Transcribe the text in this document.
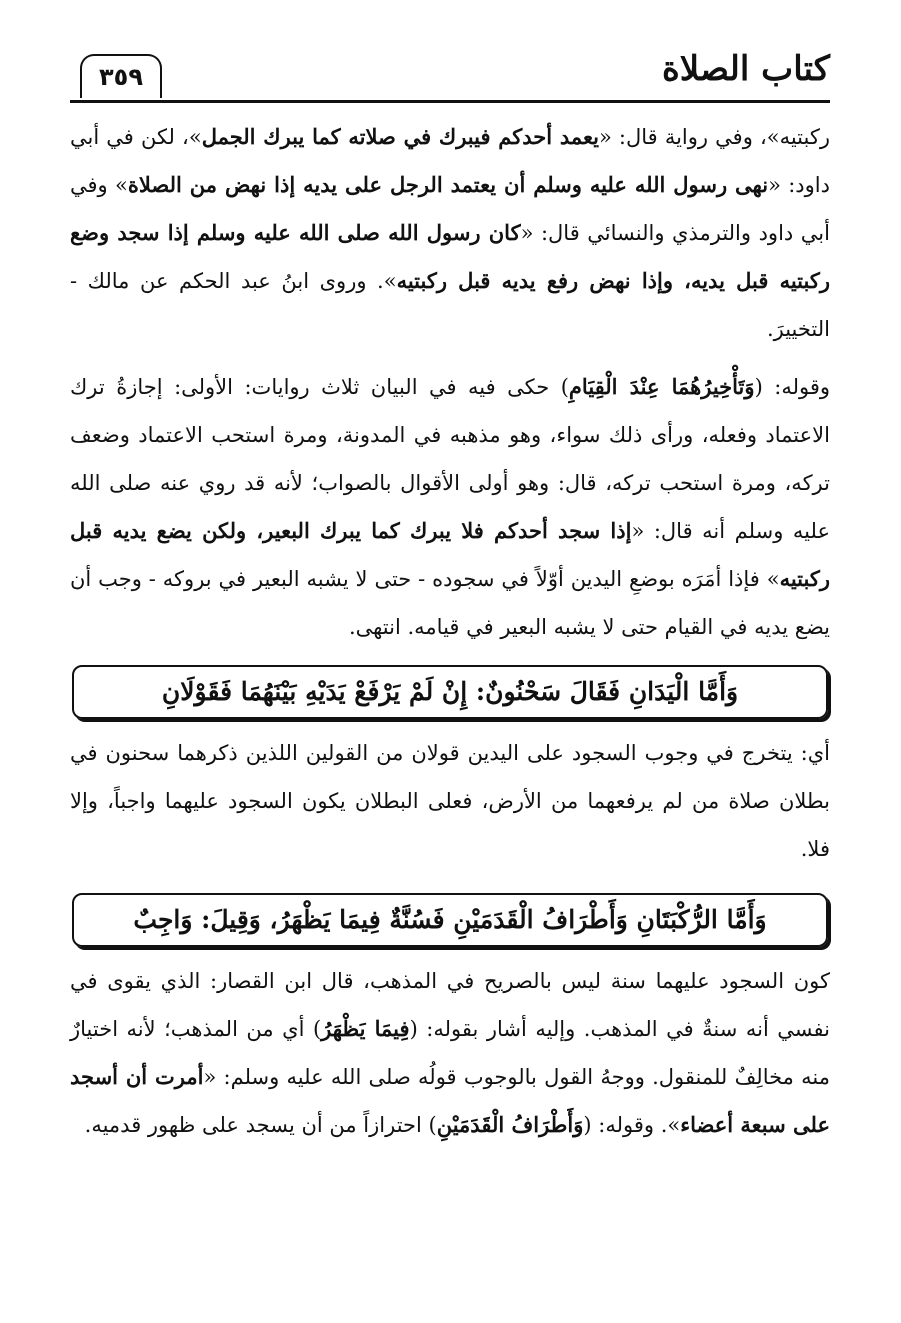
كتاب الصلاة
٣٥٩

ركبتيه»، وفي رواية قال: «يعمد أحدكم فيبرك في صلاته كما يبرك الجمل»، لكن في أبي داود: «نهى رسول الله عليه وسلم أن يعتمد الرجل على يديه إذا نهض من الصلاة» وفي أبي داود والترمذي والنسائي قال: «كان رسول الله صلى الله عليه وسلم إذا سجد وضع ركبتيه قبل يديه، وإذا نهض رفع يديه قبل ركبتيه». وروى ابنُ عبد الحكم عن مالك - التخييرَ.

وقوله: (وَتَأْخِيرُهُمَا عِنْدَ الْقِيَامِ) حكى فيه في البيان ثلاث روايات: الأولى: إجازةُ ترك الاعتماد وفعله، ورأى ذلك سواء، وهو مذهبه في المدونة، ومرة استحب الاعتماد وضعف تركه، ومرة استحب تركه، قال: وهو أولى الأقوال بالصواب؛ لأنه قد روي عنه صلى الله عليه وسلم أنه قال: «إذا سجد أحدكم فلا يبرك كما يبرك البعير، ولكن يضع يديه قبل ركبتيه» فإذا أمَرَه بوضعِ اليدين أوّلاً في سجوده - حتى لا يشبه البعير في بروكه - وجب أن يضع يديه في القيام حتى لا يشبه البعير في قيامه. انتهى.

وَأَمَّا الْيَدَانِ فَقَالَ سَحْنُونٌ: إِنْ لَمْ يَرْفَعْ يَدَيْهِ بَيْنَهُمَا فَقَوْلَانِ

أي: يتخرج في وجوب السجود على اليدين قولان من القولين اللذين ذكرهما سحنون في بطلان صلاة من لم يرفعهما من الأرض، فعلى البطلان يكون السجود عليهما واجباً، وإلا فلا.

وَأَمَّا الرُّكْبَتَانِ وَأَطْرَافُ الْقَدَمَيْنِ فَسُنَّةٌ فِيمَا يَظْهَرُ، وَقِيلَ: وَاجِبٌ

كون السجود عليهما سنة ليس بالصريح في المذهب، قال ابن القصار: الذي يقوى في نفسي أنه سنةٌ في المذهب. وإليه أشار بقوله: (فِيمَا يَظْهَرُ) أي من المذهب؛ لأنه اختيارٌ منه مخالِفٌ للمنقول. ووجهُ القول بالوجوب قولُه صلى الله عليه وسلم: «أمرت أن أسجد على سبعة أعضاء». وقوله: (وَأَطْرَافُ الْقَدَمَيْنِ) احترازاً من أن يسجد على ظهور قدميه.
